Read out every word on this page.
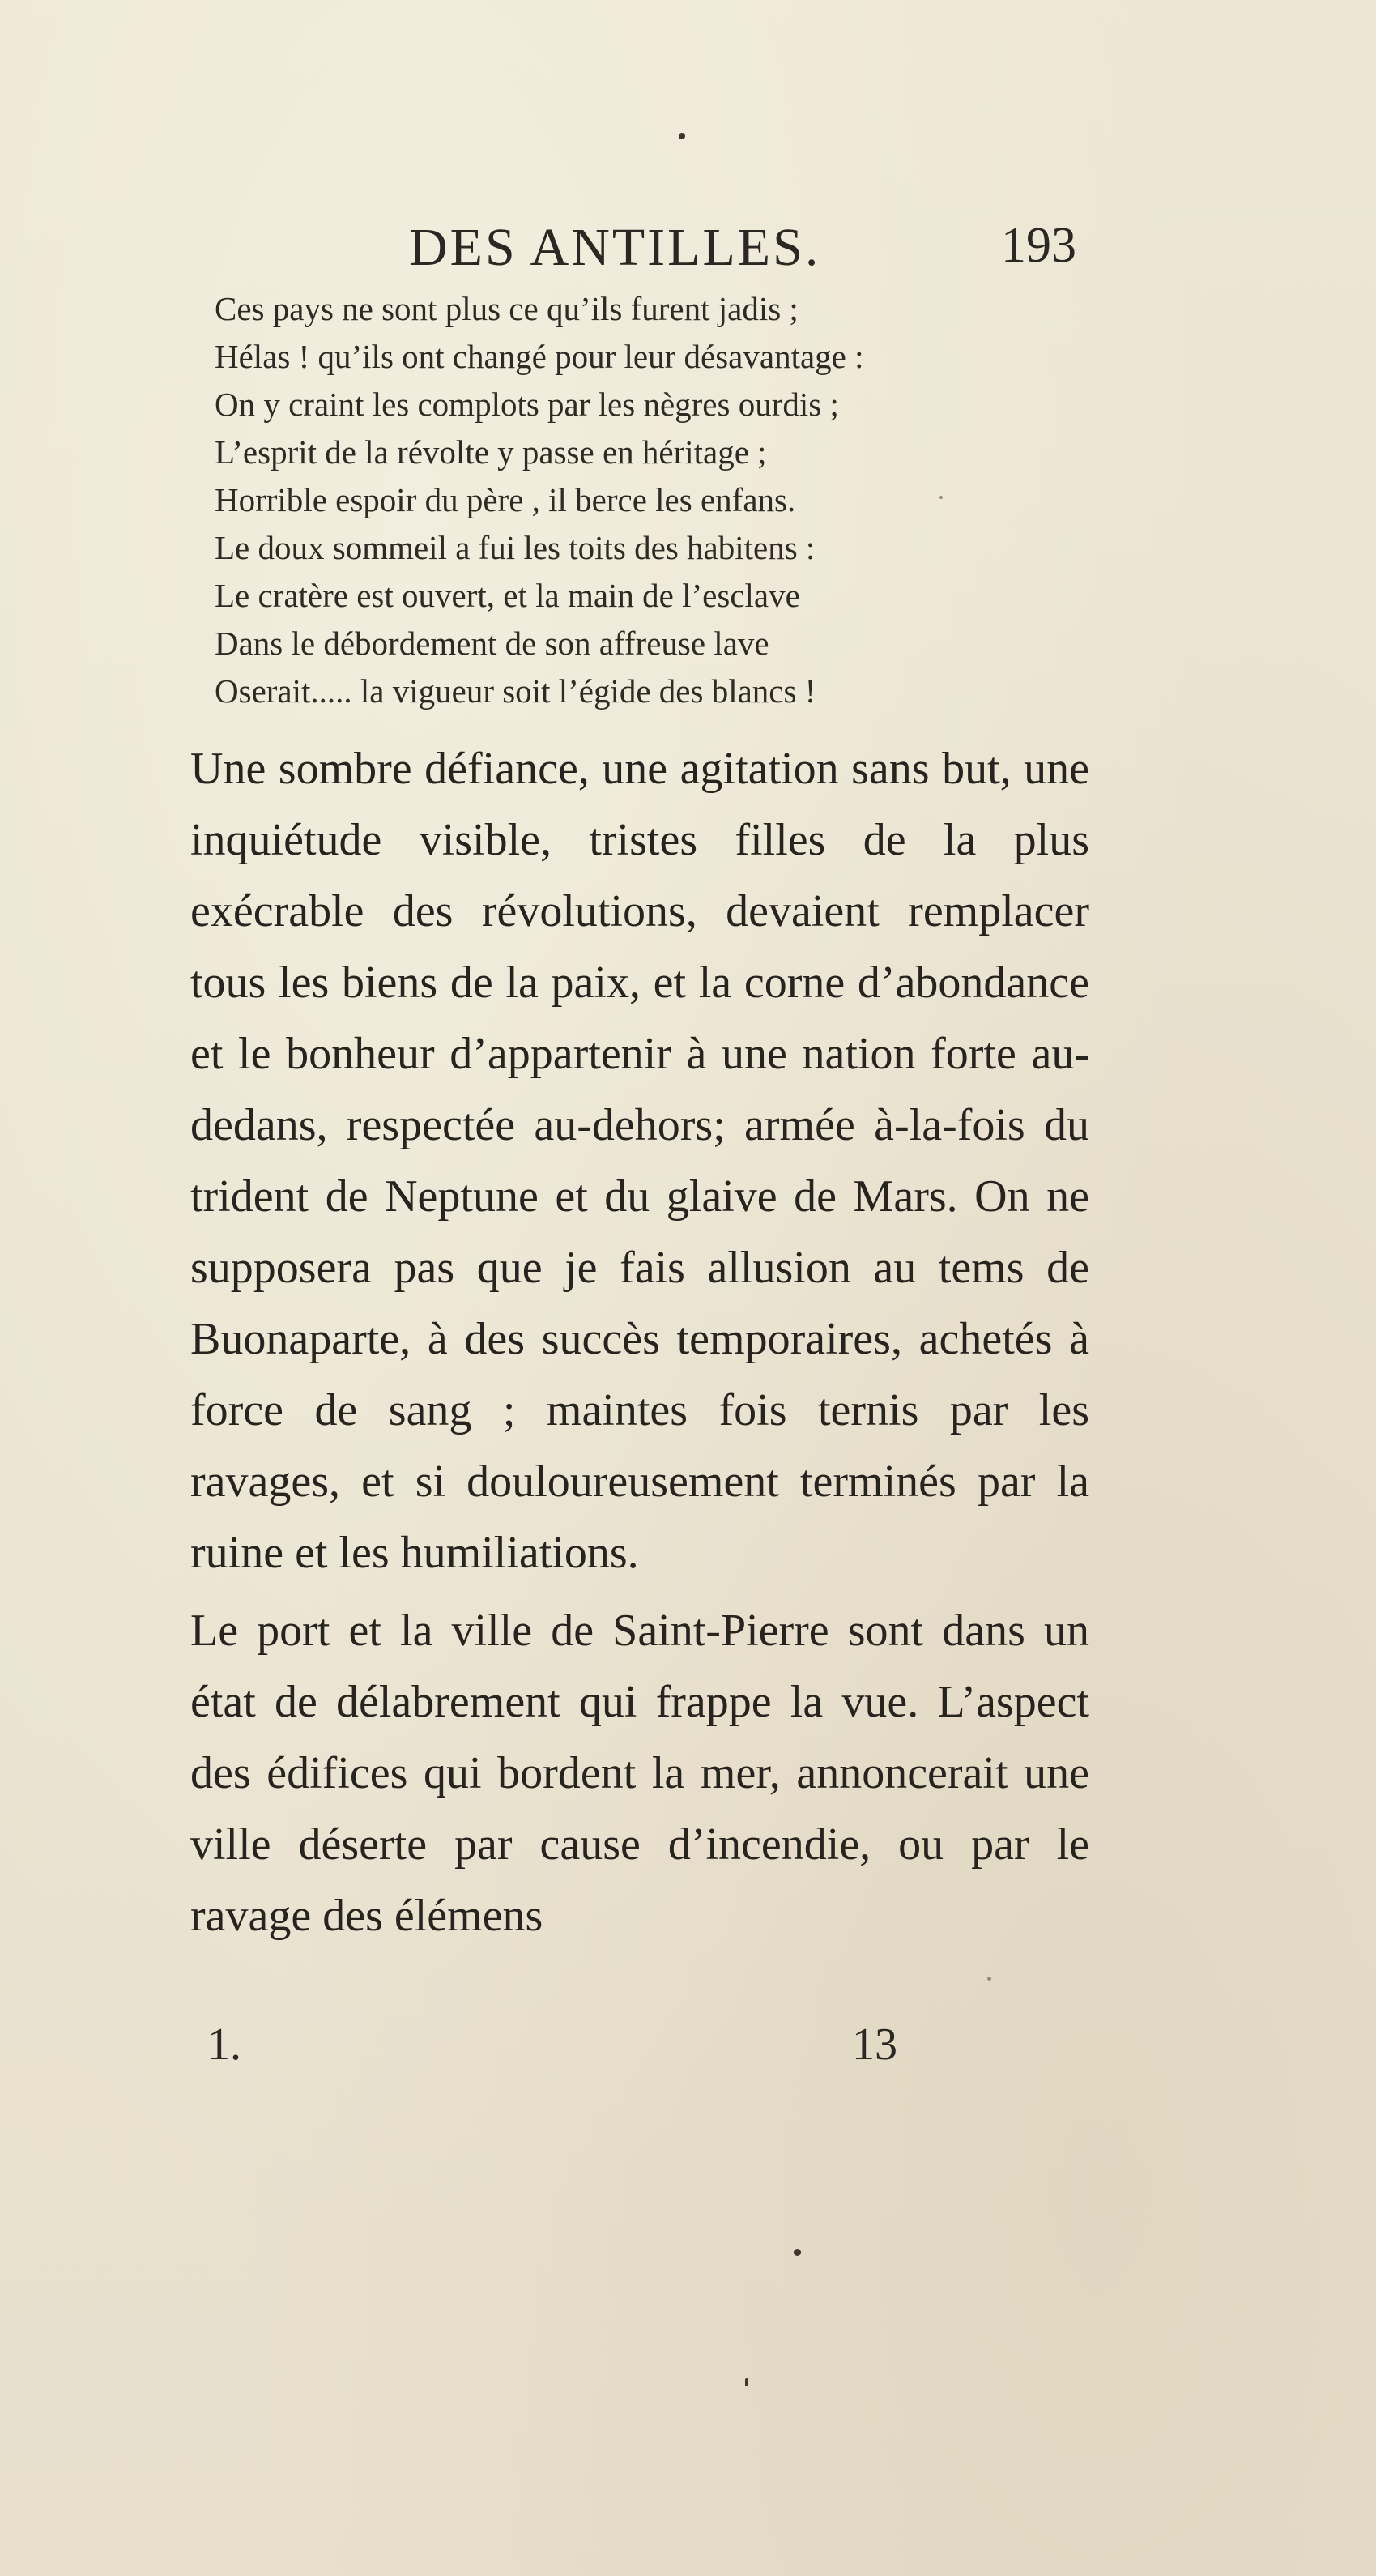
DES ANTILLES.	193
Ces pays ne sont plus ce qu’ils furent jadis ;
Hélas ! qu’ils ont changé pour leur désavantage :
On y craint les complots par les nègres ourdis ;
L’esprit de la révolte y passe en héritage ;
Horrible espoir du père , il berce les enfans.
Le doux sommeil a fui les toits des habitens :
Le cratère est ouvert, et la main de l’esclave
Dans le débordement de son affreuse lave
Oserait..... la vigueur soit l’égide des blancs !

Une sombre défiance, une agitation sans but, une inquiétude visible, tristes filles de la plus exécrable des révolutions, devaient remplacer tous les biens de la paix, et la corne d’abondance et le bonheur d’appartenir à une nation forte au-dedans, respectée au-dehors; armée à-la-fois du trident de Neptune et du glaive de Mars. On ne supposera pas que je fais allusion au tems de Buonaparte, à des succès temporaires, achetés à force de sang ; maintes fois ternis par les ravages, et si douloureusement terminés par la ruine et les humiliations.

Le port et la ville de Saint-Pierre sont dans un état de délabrement qui frappe la vue. L’aspect des édifices qui bordent la mer, annoncerait une ville déserte par cause d’incendie, ou par le ravage des élémens

1.	13
